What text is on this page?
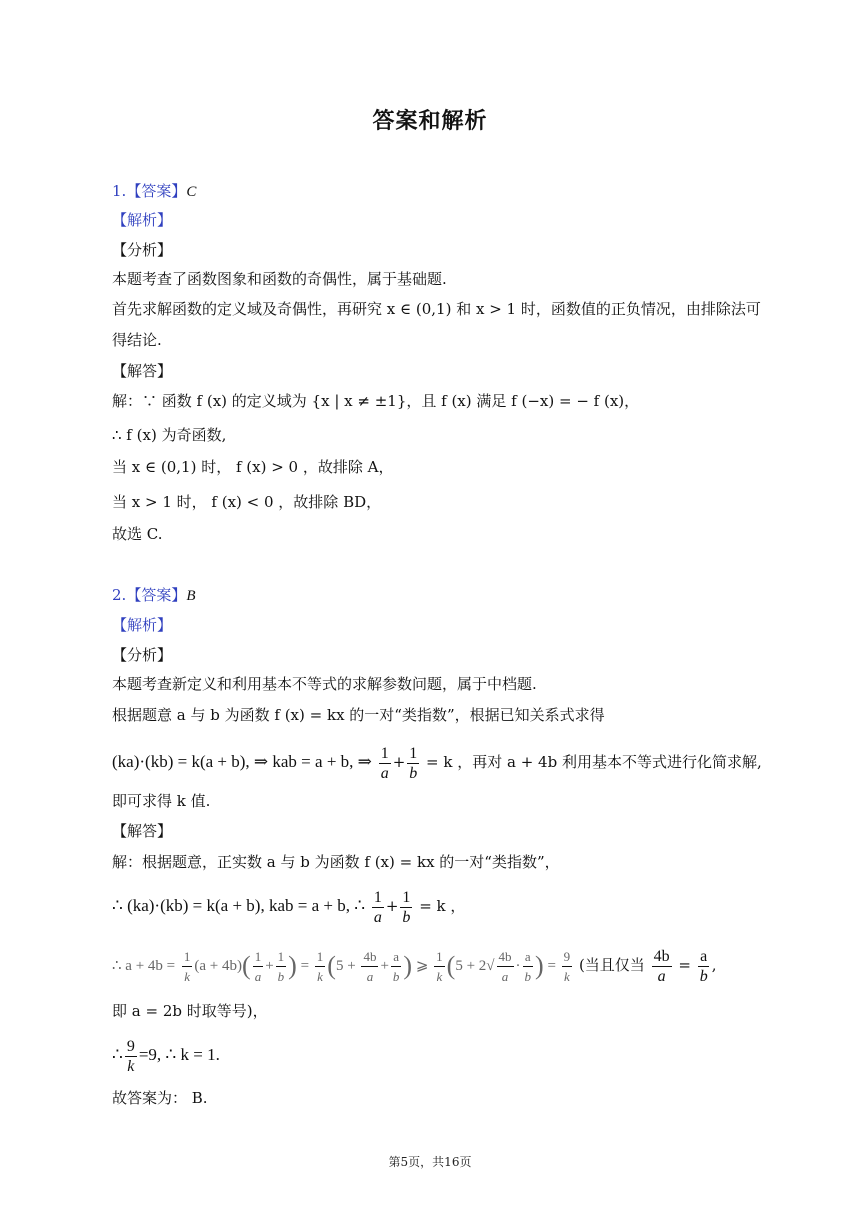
答案和解析
1.【答案】C
【解析】
【分析】
本题考查了函数图象和函数的奇偶性，属于基础题.
首先求解函数的定义域及奇偶性，再研究 x ∈ (0,1) 和 x > 1 时，函数值的正负情况，由排除法可
得结论.
【解答】
解：∵ 函数 f (x) 的定义域为 {x | x ≠ ±1}，且 f (x) 满足 f (−x) = − f (x)，
∴ f (x) 为奇函数,
当 x ∈ (0,1) 时， f (x) > 0 ，故排除 A，
当 x > 1 时， f (x) < 0 ，故排除 BD，
故选 C.
2.【答案】B
【解析】
【分析】
本题考查新定义和利用基本不等式的求解参数问题，属于中档题.
根据题意 a 与 b 为函数 f (x) = kx 的一对“类指数”，根据已知关系式求得
(ka)·(kb) = k(a + b), ⇒ kab = a + b, ⇒ $\frac{1}{a} + \frac{1}{b} = k$ ，再对 a + 4b 利用基本不等式进行化简求解,
即可求得 k 值.
【解答】
解：根据题意，正实数 a 与 b 为函数 f (x) = kx 的一对“类指数”，
∴ (ka)·(kb) = k(a + b), kab = a + b, ∴ $\frac{1}{a} + \frac{1}{b} = k$ ，
∴ $a + 4b = \frac{1}{k} (a + 4b)( \frac{1}{a} + \frac{1}{b}$ ) = $\frac{1}{k} (5 + \frac{4b}{a} + \frac{a}{b}$ ) ⩾ $\frac{1}{k} (5 + 2√ \frac{4b}{a} \cdot \frac{a}{b}$ ) = $\frac{9}{k}$ (当且仅当 $\frac{4b}{a} = \frac{a}{b}$ ,
即 a = 2b 时取等号)，
∴ $\frac{9}{k} =9$, ∴ k = 1.
故答案为： B.
第5页，共16页
